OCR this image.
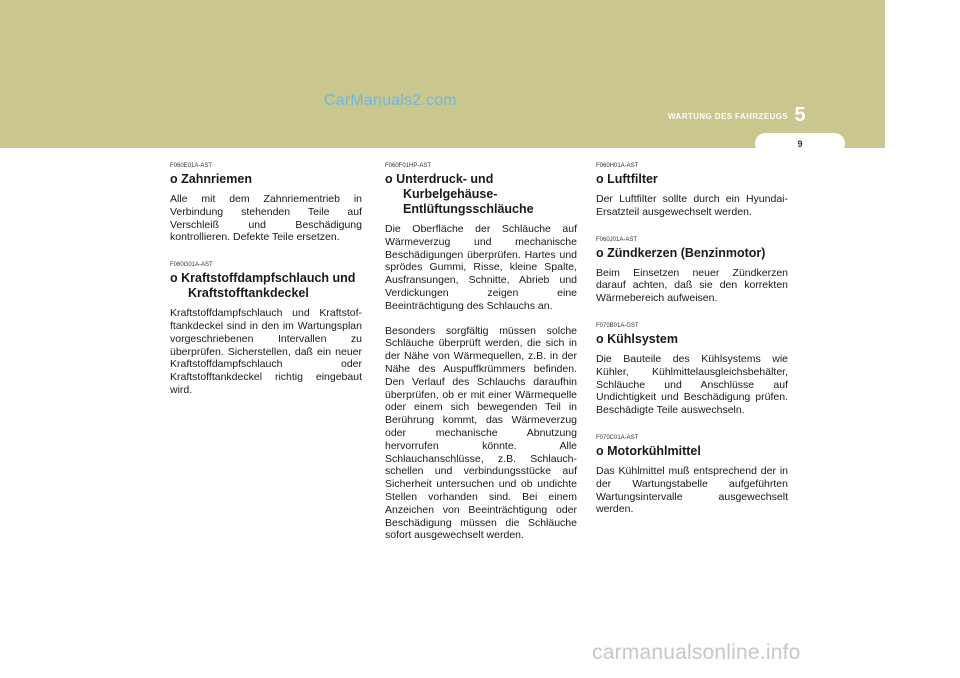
CarManuals2.com
WARTUNG DES FAHRZEUGS 5
9
F060E01A-AST
o Zahnriemen

Alle mit dem Zahnriementrieb in Verbindung stehenden Teile auf Verschleiß und Beschädigung kontrollieren. Defekte Teile ersetzen.

F060G01A-AST
o Kraftstoffdampfschlauch und Kraftstofftankdeckel

Kraftstoffdampfschlauch und Kraftstof-ftankdeckel sind in den im Wartungsplan vorgeschriebenen Intervallen zu überprüfen. Sicherstellen, daß ein neuer Kraftstoffdampfschlauch oder Kraftstofftankdeckel richtig eingebaut wird.

F060F01HP-AST
o Unterdruck- und Kurbelgehäuse-Entlüftungsschläuche

Die Oberfläche der Schläuche auf Wärmeverzug und mechanische Beschädigungen überprüfen. Hartes und sprödes Gummi, Risse, kleine Spalte, Ausfransungen, Schnitte, Abrieb und Verdickungen zeigen eine Beeinträchtigung des Schlauchs an.

Besonders sorgfältig müssen solche Schläuche überprüft werden, die sich in der Nähe von Wärmequellen, z.B. in der Nähe des Auspuffkrümmers befinden. Den Verlauf des Schlauchs daraufhin überprüfen, ob er mit einer Wärmequelle oder einem sich bewegenden Teil in Berührung kommt, das Wärmeverzug oder mechanische Abnutzung hervorrufen könnte. Alle Schlauchanschlüsse, z.B. Schlauch-schellen und verbindungsstücke auf Sicherheit untersuchen und ob undichte Stellen vorhanden sind. Bei einem Anzeichen von Beeinträchtigung oder Beschädigung müssen die Schläuche sofort ausgewechselt werden.

F060H01A-AST
o Luftfilter

Der Luftfilter sollte durch ein Hyundai-Ersatzteil ausgewechselt werden.

F060J01A-AST
o Zündkerzen (Benzinmotor)

Beim Einsetzen neuer Zündkerzen darauf achten, daß sie den korrekten Wärmebereich aufweisen.

F070B01A-GST
o Kühlsystem

Die Bauteile des Kühlsystems wie Kühler, Kühlmittelausgleichsbehälter, Schläuche und Anschlüsse auf Undichtigkeit und Beschädigung prüfen. Beschädigte Teile auswechseln.

F070C01A-AST
o Motorkühlmittel

Das Kühlmittel muß entsprechend der in der Wartungstabelle aufgeführten Wartungsintervalle ausgewechselt werden.

carmanualsonline.info
